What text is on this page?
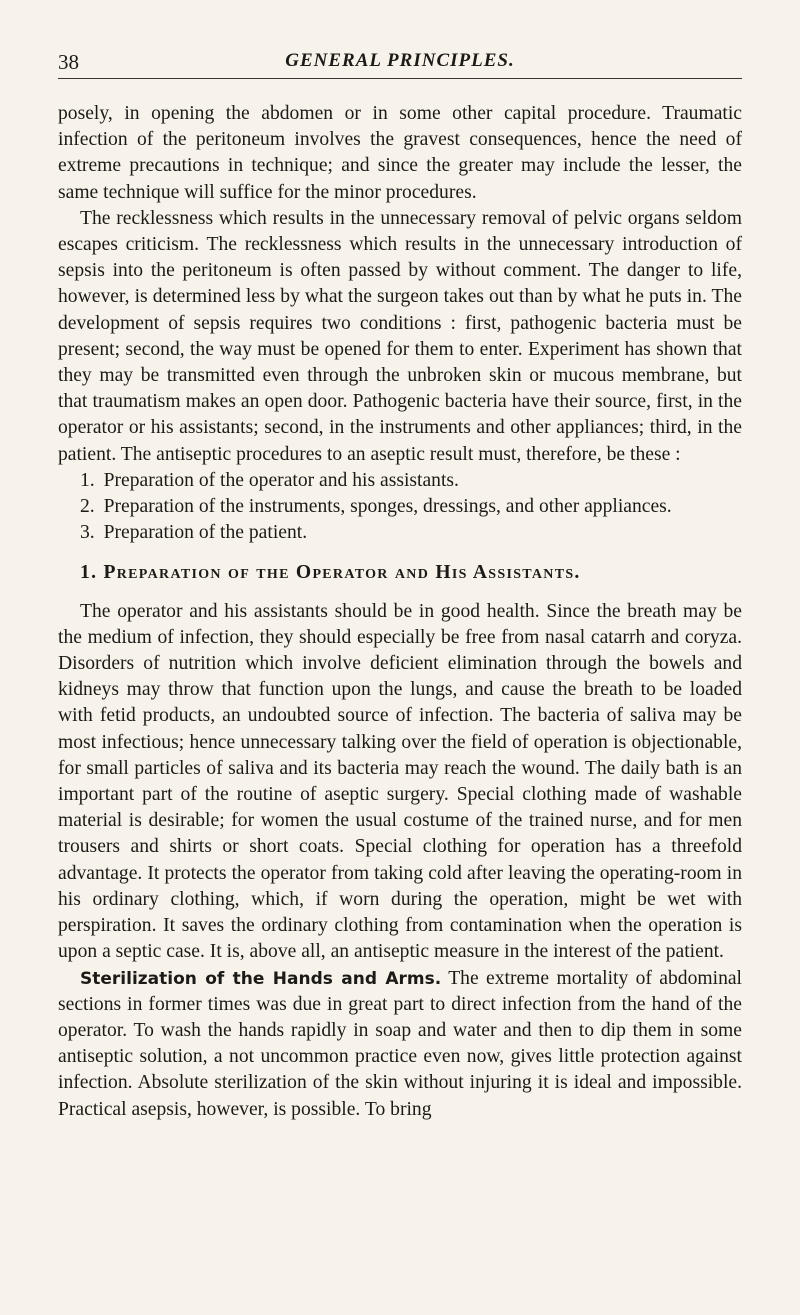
38	GENERAL PRINCIPLES.

posely, in opening the abdomen or in some other capital procedure. Traumatic infection of the peritoneum involves the gravest consequences, hence the need of extreme precautions in technique; and since the greater may include the lesser, the same technique will suffice for the minor procedures.

The recklessness which results in the unnecessary removal of pelvic organs seldom escapes criticism. The recklessness which results in the unnecessary introduction of sepsis into the peritoneum is often passed by without comment. The danger to life, however, is determined less by what the surgeon takes out than by what he puts in. The development of sepsis requires two conditions : first, pathogenic bacteria must be present; second, the way must be opened for them to enter. Experiment has shown that they may be transmitted even through the unbroken skin or mucous membrane, but that traumatism makes an open door. Pathogenic bacteria have their source, first, in the operator or his assistants; second, in the instruments and other appliances; third, in the patient. The antiseptic procedures to an aseptic result must, therefore, be these :

1. Preparation of the operator and his assistants.

2. Preparation of the instruments, sponges, dressings, and other appliances.

3. Preparation of the patient.

1. Preparation of the Operator and His Assistants.

The operator and his assistants should be in good health. Since the breath may be the medium of infection, they should especially be free from nasal catarrh and coryza. Disorders of nutrition which involve deficient elimination through the bowels and kidneys may throw that function upon the lungs, and cause the breath to be loaded with fetid products, an undoubted source of infection. The bacteria of saliva may be most infectious; hence unnecessary talking over the field of operation is objectionable, for small particles of saliva and its bacteria may reach the wound. The daily bath is an important part of the routine of aseptic surgery. Special clothing made of washable material is desirable; for women the usual costume of the trained nurse, and for men trousers and shirts or short coats. Special clothing for operation has a threefold advantage. It protects the operator from taking cold after leaving the operating-room in his ordinary clothing, which, if worn during the operation, might be wet with perspiration. It saves the ordinary clothing from contamination when the operation is upon a septic case. It is, above all, an antiseptic measure in the interest of the patient.

Sterilization of the Hands and Arms. The extreme mortality of abdominal sections in former times was due in great part to direct infection from the hand of the operator. To wash the hands rapidly in soap and water and then to dip them in some antiseptic solution, a not uncommon practice even now, gives little protection against infection. Absolute sterilization of the skin without injuring it is ideal and impossible. Practical asepsis, however, is possible. To bring
